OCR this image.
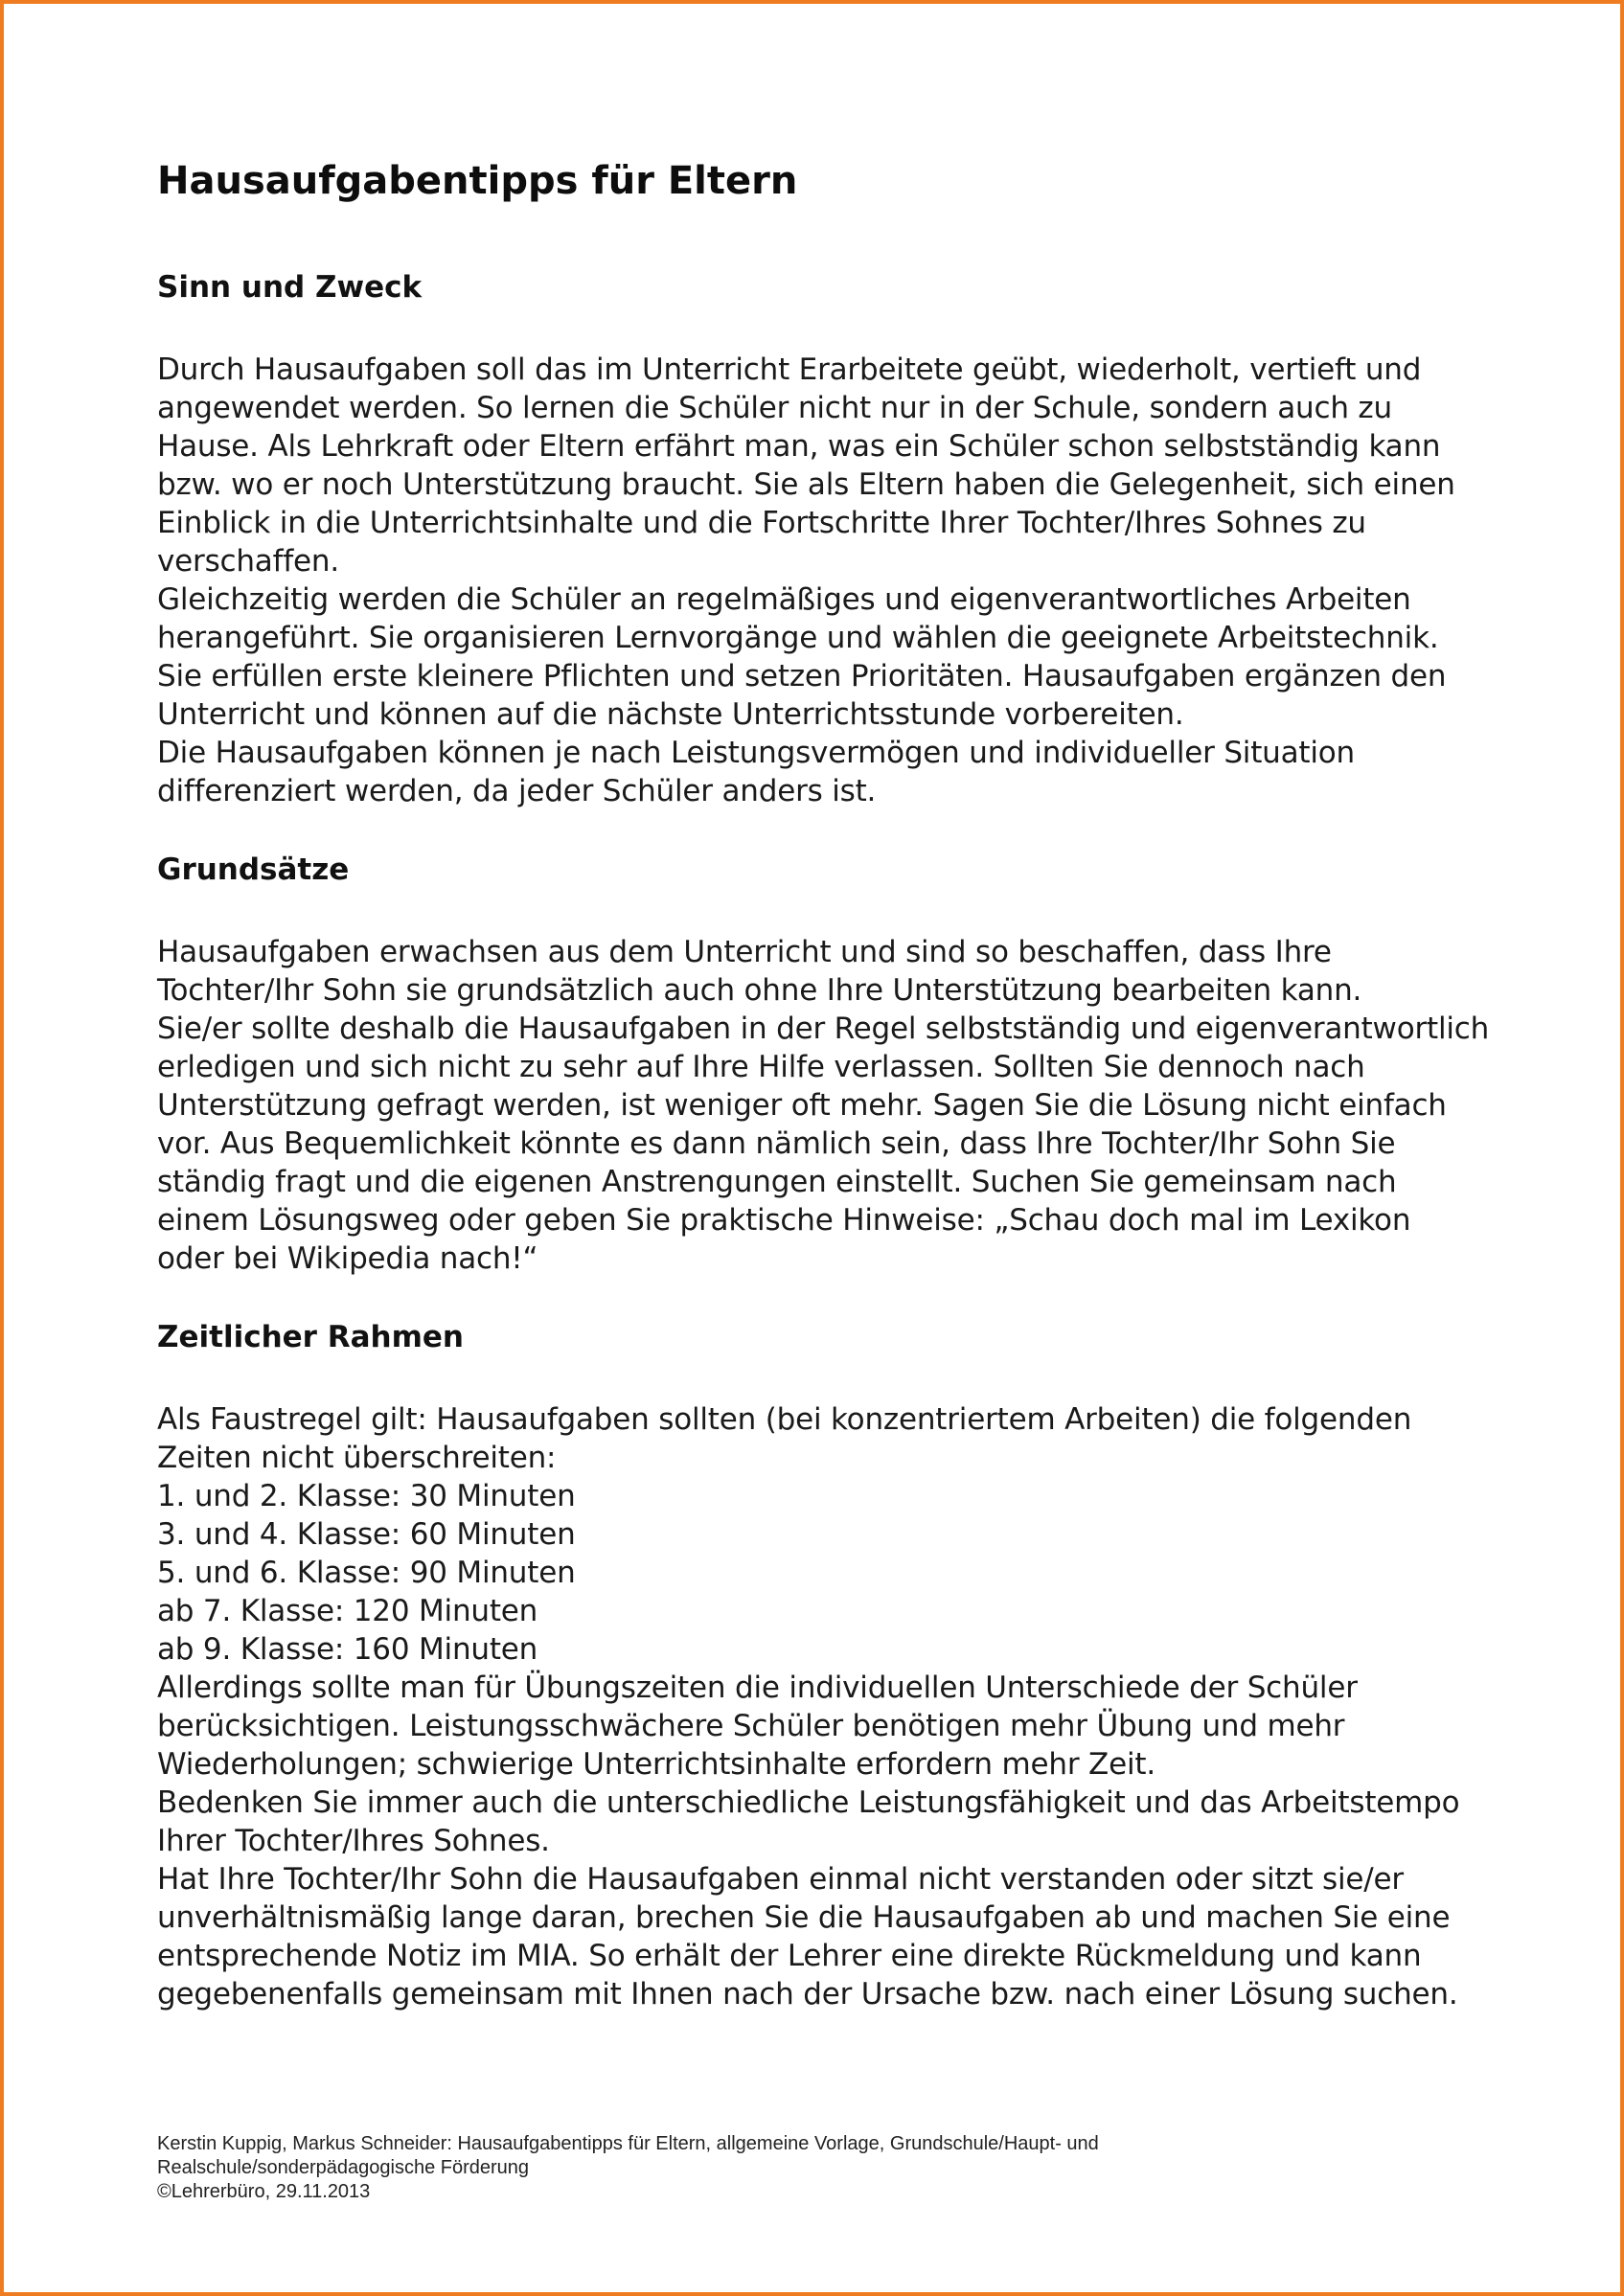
Hausaufgabentipps für Eltern
Sinn und Zweck

Durch Hausaufgaben soll das im Unterricht Erarbeitete geübt, wiederholt, vertieft und
angewendet werden. So lernen die Schüler nicht nur in der Schule, sondern auch zu
Hause. Als Lehrkraft oder Eltern erfährt man, was ein Schüler schon selbstständig kann
bzw. wo er noch Unterstützung braucht. Sie als Eltern haben die Gelegenheit, sich einen
Einblick in die Unterrichtsinhalte und die Fortschritte Ihrer Tochter/Ihres Sohnes zu
verschaffen.
Gleichzeitig werden die Schüler an regelmäßiges und eigenverantwortliches Arbeiten
herangeführt. Sie organisieren Lernvorgänge und wählen die geeignete Arbeitstechnik.
Sie erfüllen erste kleinere Pflichten und setzen Prioritäten. Hausaufgaben ergänzen den
Unterricht und können auf die nächste Unterrichtsstunde vorbereiten.
Die Hausaufgaben können je nach Leistungsvermögen und individueller Situation
differenziert werden, da jeder Schüler anders ist.

Grundsätze

Hausaufgaben erwachsen aus dem Unterricht und sind so beschaffen, dass Ihre
Tochter/Ihr Sohn sie grundsätzlich auch ohne Ihre Unterstützung bearbeiten kann.
Sie/er sollte deshalb die Hausaufgaben in der Regel selbstständig und eigenverantwortlich
erledigen und sich nicht zu sehr auf Ihre Hilfe verlassen. Sollten Sie dennoch nach
Unterstützung gefragt werden, ist weniger oft mehr. Sagen Sie die Lösung nicht einfach
vor. Aus Bequemlichkeit könnte es dann nämlich sein, dass Ihre Tochter/Ihr Sohn Sie
ständig fragt und die eigenen Anstrengungen einstellt. Suchen Sie gemeinsam nach
einem Lösungsweg oder geben Sie praktische Hinweise: „Schau doch mal im Lexikon
oder bei Wikipedia nach!“

Zeitlicher Rahmen

Als Faustregel gilt: Hausaufgaben sollten (bei konzentriertem Arbeiten) die folgenden
Zeiten nicht überschreiten:
1. und 2. Klasse: 30 Minuten
3. und 4. Klasse: 60 Minuten
5. und 6. Klasse: 90 Minuten
ab 7. Klasse: 120 Minuten
ab 9. Klasse: 160 Minuten
Allerdings sollte man für Übungszeiten die individuellen Unterschiede der Schüler
berücksichtigen. Leistungsschwächere Schüler benötigen mehr Übung und mehr
Wiederholungen; schwierige Unterrichtsinhalte erfordern mehr Zeit.
Bedenken Sie immer auch die unterschiedliche Leistungsfähigkeit und das Arbeitstempo
Ihrer Tochter/Ihres Sohnes.
Hat Ihre Tochter/Ihr Sohn die Hausaufgaben einmal nicht verstanden oder sitzt sie/er
unverhältnismäßig lange daran, brechen Sie die Hausaufgaben ab und machen Sie eine
entsprechende Notiz im MIA. So erhält der Lehrer eine direkte Rückmeldung und kann
gegebenenfalls gemeinsam mit Ihnen nach der Ursache bzw. nach einer Lösung suchen.

Kerstin Kuppig, Markus Schneider: Hausaufgabentipps für Eltern, allgemeine Vorlage, Grundschule/Haupt- und
Realschule/sonderpädagogische Förderung
©Lehrerbüro, 29.11.2013
